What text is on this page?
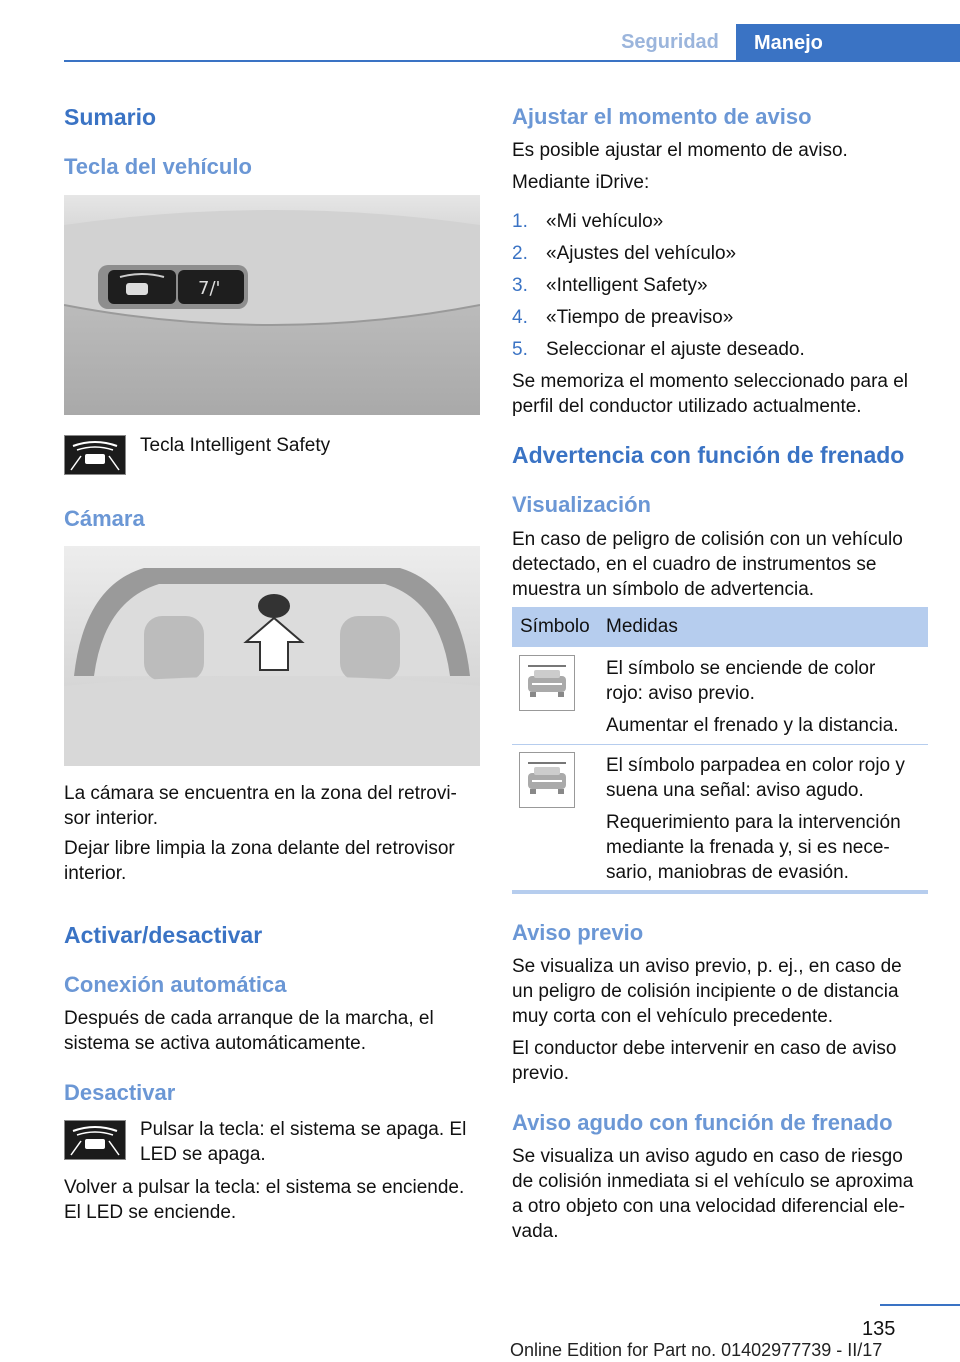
Seguridad	Manejo
Sumario
Tecla del vehículo
7/'
Tecla Intelligent Safety
Cámara
La cámara se encuentra en la zona del retrovi-
sor interior.
Dejar libre limpia la zona delante del retrovisor
interior.
Activar/desactivar
Conexión automática
Después de cada arranque de la marcha, el
sistema se activa automáticamente.
Desactivar
Pulsar la tecla: el sistema se apaga. El
LED se apaga.
Volver a pulsar la tecla: el sistema se enciende.
El LED se enciende.
Ajustar el momento de aviso
Es posible ajustar el momento de aviso.
Mediante iDrive:
1. «Mi vehículo»
2. «Ajustes del vehículo»
3. «Intelligent Safety»
4. «Tiempo de preaviso»
5. Seleccionar el ajuste deseado.
Se memoriza el momento seleccionado para el
perfil del conductor utilizado actualmente.
Advertencia con función de frenado
Visualización
En caso de peligro de colisión con un vehículo
detectado, en el cuadro de instrumentos se
muestra un símbolo de advertencia.
Símbolo Medidas
El símbolo se enciende de color
rojo: aviso previo.
Aumentar el frenado y la distancia.
El símbolo parpadea en color rojo y
suena una señal: aviso agudo.
Requerimiento para la intervención
mediante la frenada y, si es nece-
sario, maniobras de evasión.
Aviso previo
Se visualiza un aviso previo, p. ej., en caso de
un peligro de colisión incipiente o de distancia
muy corta con el vehículo precedente.
El conductor debe intervenir en caso de aviso
previo.
Aviso agudo con función de frenado
Se visualiza un aviso agudo en caso de riesgo
de colisión inmediata si el vehículo se aproxima
a otro objeto con una velocidad diferencial ele-
vada.
135
Online Edition for Part no. 01402977739 - II/17
